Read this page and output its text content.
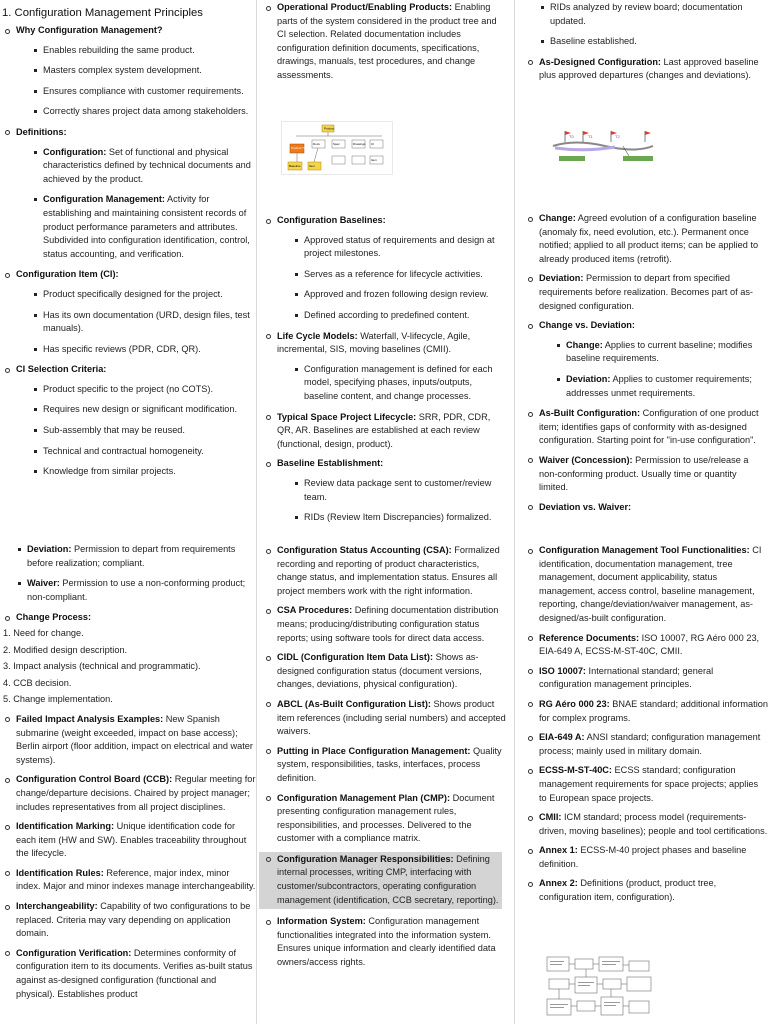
1. Configuration Management Principles
Why Configuration Management?
Enables rebuilding the same product.
Masters complex system development.
Ensures compliance with customer requirements.
Correctly shares project data among stakeholders.
Definitions:
Configuration: Set of functional and physical characteristics defined by technical documents and achieved by the product.
Configuration Management: Activity for establishing and maintaining consistent records of product performance parameters and attributes. Subdivided into configuration identification, control, status accounting, and verification.
Configuration Item (CI):
Product specifically designed for the project.
Has its own documentation (URD, design files, test manuals).
Has specific reviews (PDR, CDR, QR).
CI Selection Criteria:
Product specific to the project (no COTS).
Requires new design or significant modification.
Sub-assembly that may be reused.
Technical and contractual homogeneity.
Knowledge from similar projects.
Deviation: Permission to depart from requirements before realization; compliant.
Waiver: Permission to use a non-conforming product; non-compliant.
Change Process:
1. Need for change.
2. Modified design description.
3. Impact analysis (technical and programmatic).
4. CCB decision.
5. Change implementation.
Failed Impact Analysis Examples: New Spanish submarine (weight exceeded, impact on base access); Berlin airport (floor addition, impact on electrical and water systems).
Configuration Control Board (CCB): Regular meeting for change/departure decisions. Chaired by project manager; includes representatives from all project disciplines.
Identification Marking: Unique identification code for each item (HW and SW). Enables traceability throughout the lifecycle.
Identification Rules: Reference, major index, minor index. Major and minor indexes manage interchangeability.
Interchangeability: Capability of two configurations to be replaced. Criteria may vary depending on application domain.
Configuration Verification: Determines conformity of configuration item to its documents. Verifies as-built status against as-designed configuration (functional and physical). Establishes product
Operational Product/Enabling Products: Enabling parts of the system considered in the product tree and CI selection. Related documentation includes configuration definition documents, specifications, drawings, manuals, test procedures, and change assessments.
Product
Product Tree
Docs	Spec	Drawings CI
Baseline	Item
Item
Configuration Baselines:
Approved status of requirements and design at project milestones.
Serves as a reference for lifecycle activities.
Approved and frozen following design review.
Defined according to predefined content.
Life Cycle Models: Waterfall, V-lifecycle, Agile, incremental, SIS, moving baselines (CMII).
Configuration management is defined for each model, specifying phases, inputs/outputs, baseline content, and change processes.
Typical Space Project Lifecycle: SRR, PDR, CDR, QR, AR. Baselines are established at each review (functional, design, product).
Baseline Establishment:
Review data package sent to customer/review team.
RIDs (Review Item Discrepancies) formalized.
Configuration Status Accounting (CSA): Formalized recording and reporting of product characteristics, change status, and implementation status. Ensures all project members work with the right information.
CSA Procedures: Defining documentation distribution means; producing/distributing configuration status reports; using software tools for direct data access.
CIDL (Configuration Item Data List): Shows as-designed configuration status (document versions, changes, deviations, physical configuration).
ABCL (As-Built Configuration List): Shows product item references (including serial numbers) and accepted waivers.
Putting in Place Configuration Management: Quality system, responsibilities, tasks, interfaces, process definition.
Configuration Management Plan (CMP): Document presenting configuration management rules, responsibilities, and processes. Delivered to the customer with a compliance matrix.
Configuration Manager Responsibilities: Defining internal processes, writing CMP, interfacing with customer/subcontractors, operating configuration management (identification, CCB secretary, reporting).
Information System: Configuration management functionalities integrated into the information system. Ensures unique information and clearly identified data owners/access rights.
RIDs analyzed by review board; documentation updated.
Baseline established.
As-Designed Configuration: Last approved baseline plus approved departures (changes and deviations).
T0	T1	T2
Change: Agreed evolution of a configuration baseline (anomaly fix, need evolution, etc.). Permanent once notified; applied to all product items; can be applied to already produced items (retrofit).
Deviation: Permission to depart from specified requirements before realization. Becomes part of as-designed configuration.
Change vs. Deviation:
Change: Applies to current baseline; modifies baseline requirements.
Deviation: Applies to customer requirements; addresses unmet requirements.
As-Built Configuration: Configuration of one product item; identifies gaps of conformity with as-designed configuration. Starting point for "in-use configuration".
Waiver (Concession): Permission to use/release a non-conforming product. Usually time or quantity limited.
Deviation vs. Waiver:
Configuration Management Tool Functionalities: CI identification, documentation management, tree management, document applicability, status management, access control, baseline management, reporting, change/deviation/waiver management, as-designed/as-built configuration.
Reference Documents: ISO 10007, RG Aéro 000 23, EIA-649 A, ECSS-M-ST-40C, CMII.
ISO 10007: International standard; general configuration management principles.
RG Aéro 000 23: BNAE standard; additional information for complex programs.
EIA-649 A: ANSI standard; configuration management process; mainly used in military domain.
ECSS-M-ST-40C: ECSS standard; configuration management requirements for space projects; applies to European space projects.
CMII: ICM standard; process model (requirements-driven, moving baselines); people and tool certifications.
Annex 1: ECSS-M-40 project phases and baseline definition.
Annex 2: Definitions (product, product tree, configuration item, configuration).
